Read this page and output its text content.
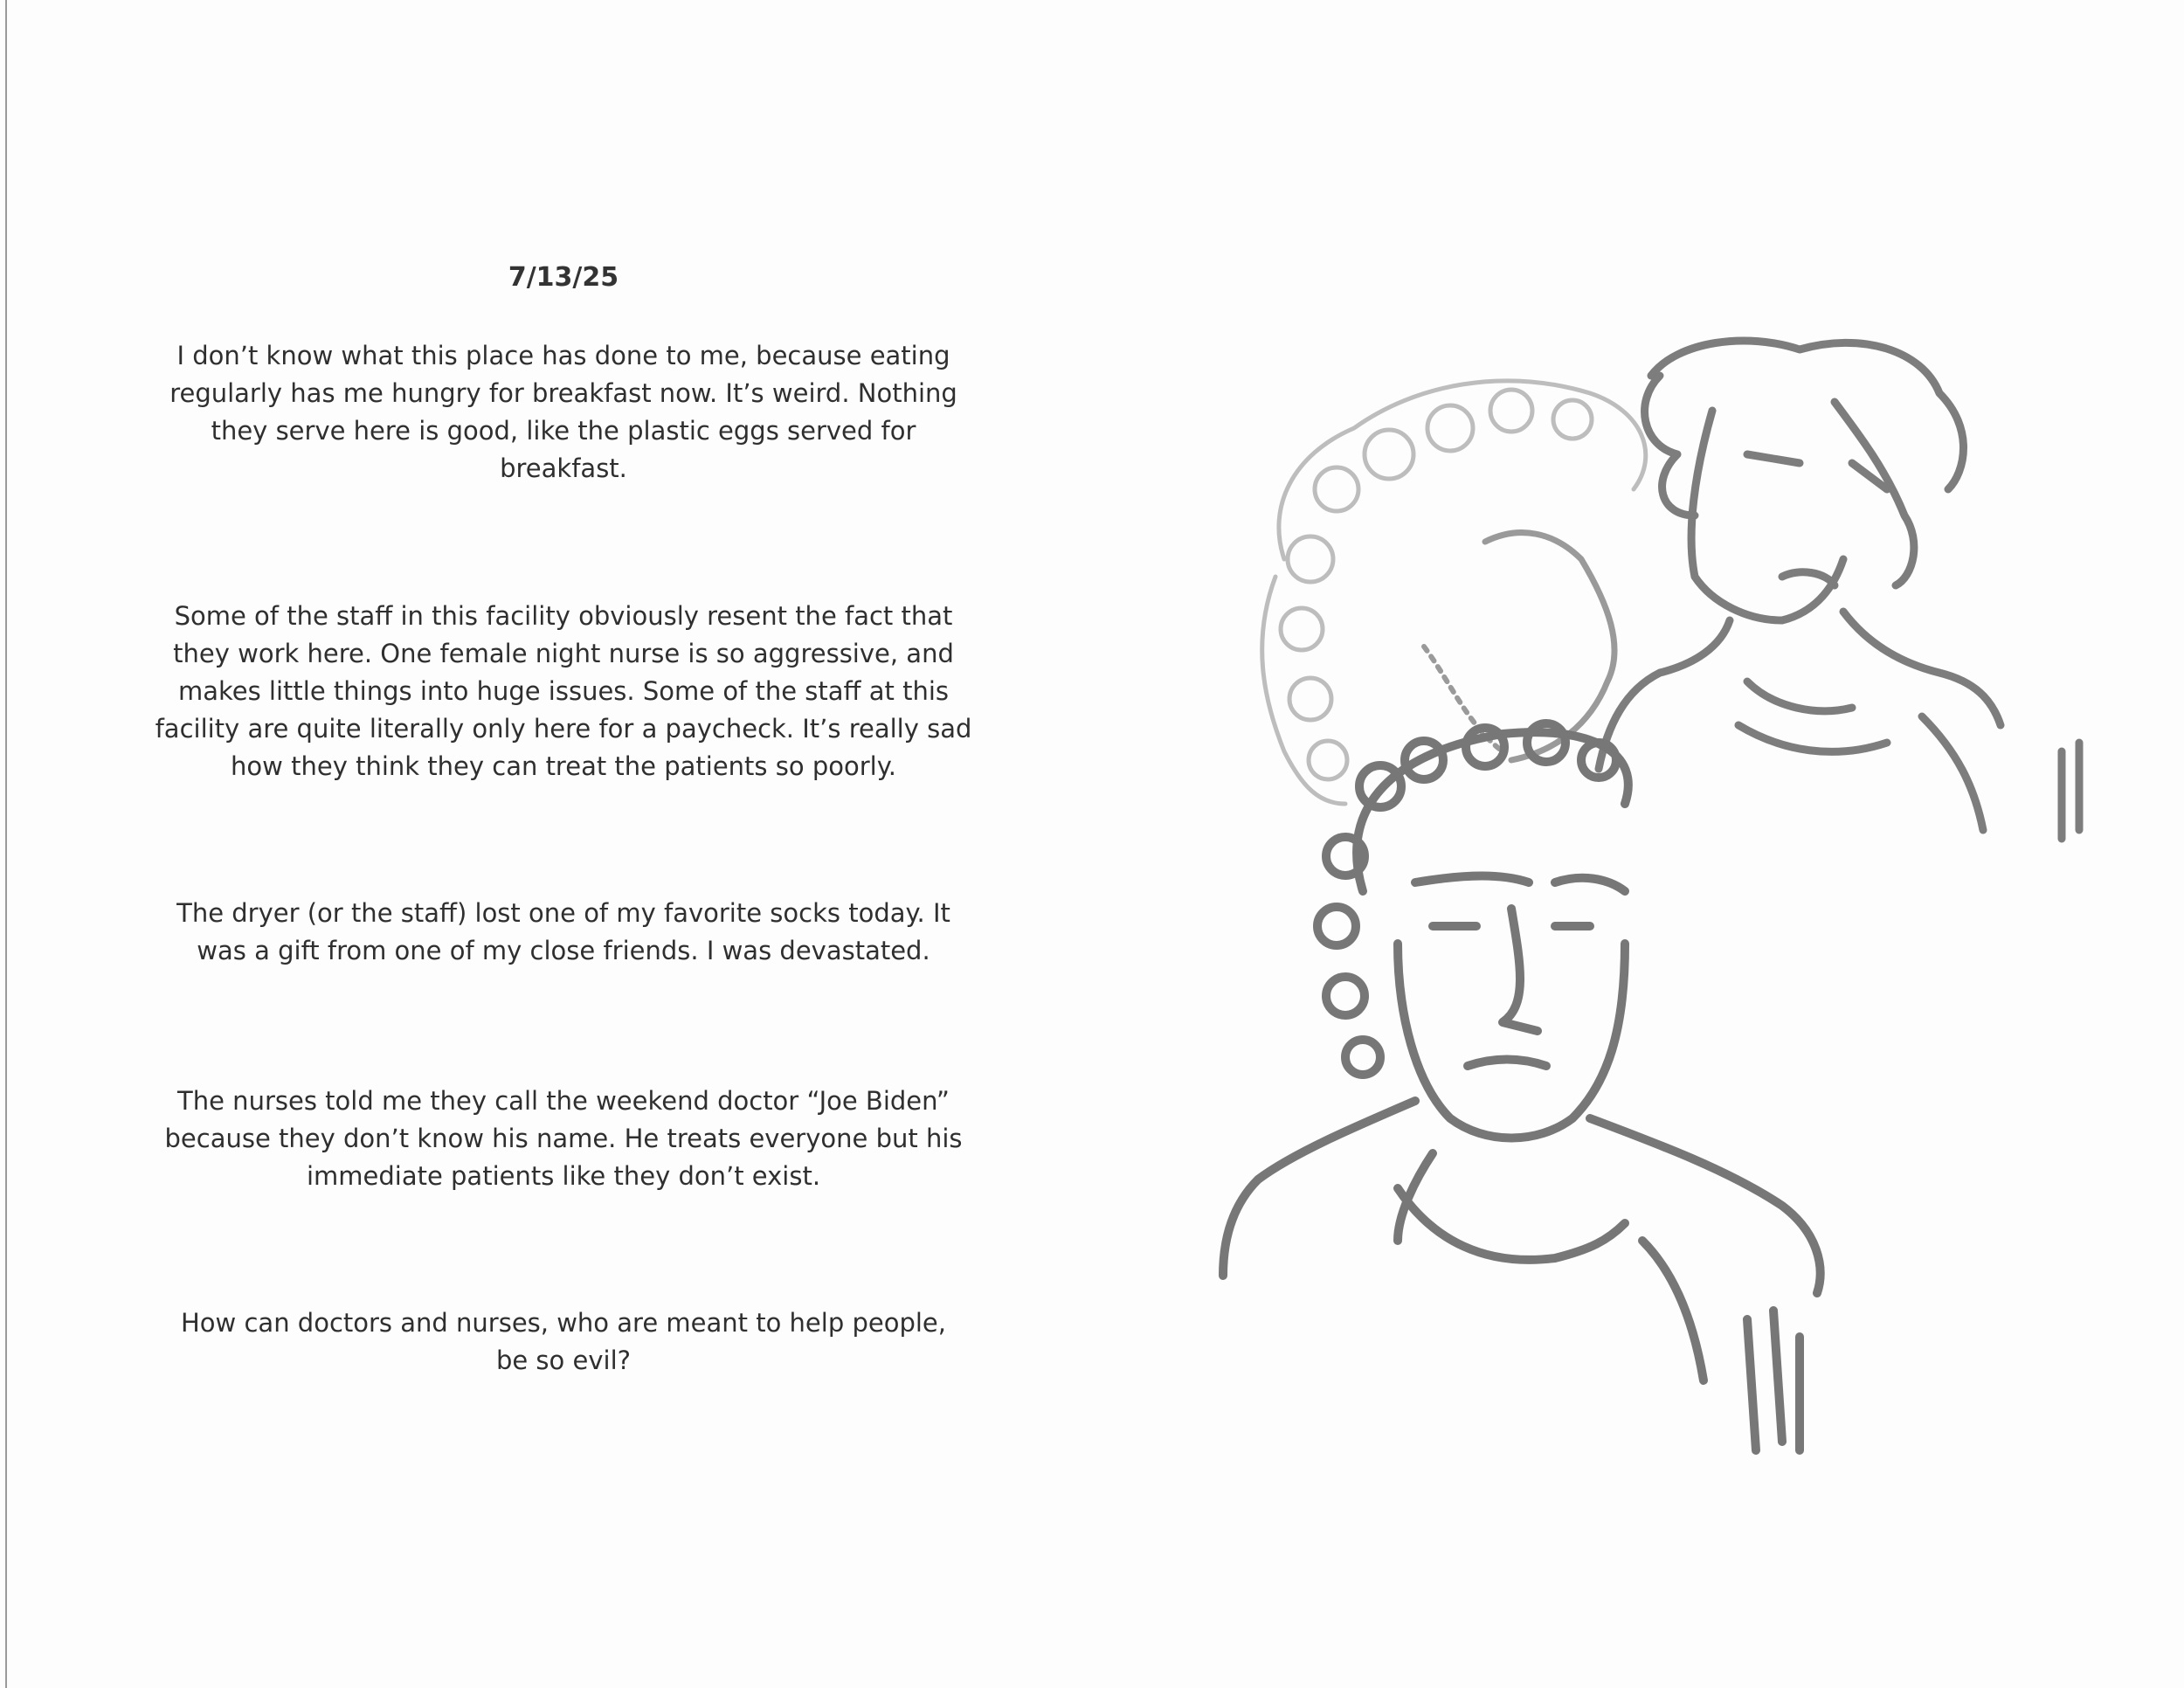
7/13/25
I don’t know what this place has done to me, because eating
regularly has me hungry for breakfast now. It’s weird. Nothing
they serve here is good, like the plastic eggs served for
breakfast.
Some of the staff in this facility obviously resent the fact that
they work here. One female night nurse is so aggressive, and
makes little things into huge issues. Some of the staff at this
facility are quite literally only here for a paycheck. It’s really sad
how they think they can treat the patients so poorly.
The dryer (or the staff) lost one of my favorite socks today. It
was a gift from one of my close friends. I was devastated.
The nurses told me they call the weekend doctor “Joe Biden”
because they don’t know his name. He treats everyone but his
immediate patients like they don’t exist.
How can doctors and nurses, who are meant to help people,
be so evil?
